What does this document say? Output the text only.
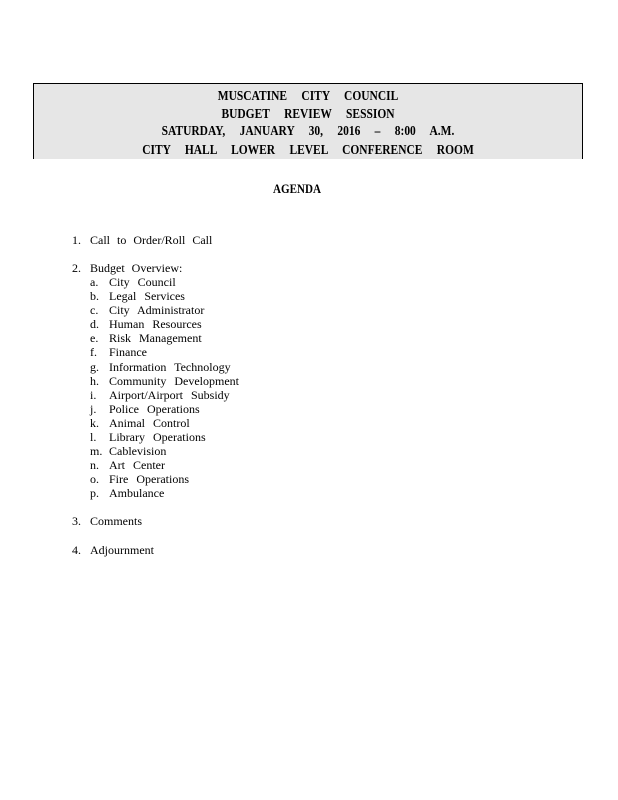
MUSCATINE CITY COUNCIL
BUDGET REVIEW SESSION
SATURDAY, JANUARY 30, 2016 – 8:00 A.M.
CITY HALL LOWER LEVEL CONFERENCE ROOM
AGENDA
1. Call to Order/Roll Call
2. Budget Overview:
a. City Council
b. Legal Services
c. City Administrator
d. Human Resources
e. Risk Management
f. Finance
g. Information Technology
h. Community Development
i. Airport/Airport Subsidy
j. Police Operations
k. Animal Control
l. Library Operations
m. Cablevision
n. Art Center
o. Fire Operations
p. Ambulance
3. Comments
4. Adjournment
